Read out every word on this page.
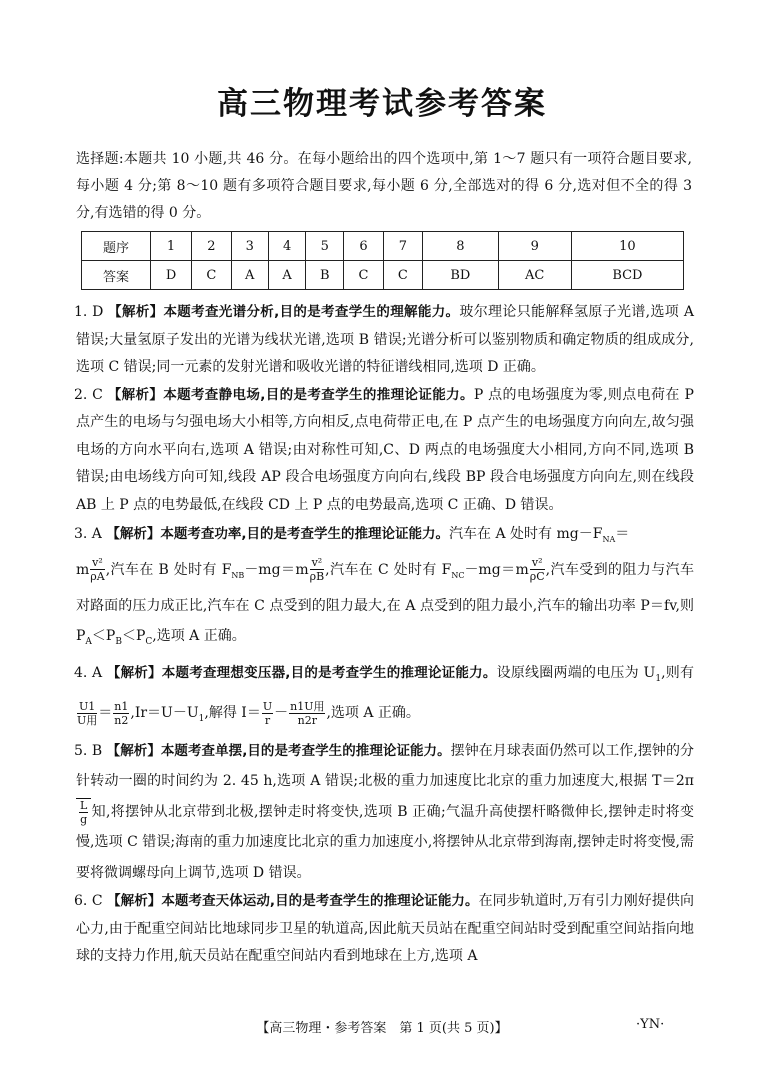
高三物理考试参考答案
选择题:本题共 10 小题,共 46 分。在每小题给出的四个选项中,第 1～7 题只有一项符合题目要求,每小题 4 分;第 8～10 题有多项符合题目要求,每小题 6 分,全部选对的得 6 分,选对但不全的得 3 分,有选错的得 0 分。
题序	1	2	3	4	5	6	7	8	9	10
答案	D	C	A	A	B	C	C	BD	AC	BCD

1. D 【解析】本题考查光谱分析,目的是考查学生的理解能力。玻尔理论只能解释氢原子光谱,选项 A 错误;大量氢原子发出的光谱为线状光谱,选项 B 错误;光谱分析可以鉴别物质和确定物质的组成成分,选项 C 错误;同一元素的发射光谱和吸收光谱的特征谱线相同,选项 D 正确。

2. C 【解析】本题考查静电场,目的是考查学生的推理论证能力。P 点的电场强度为零,则点电荷在 P 点产生的电场与匀强电场大小相等,方向相反,点电荷带正电,在 P 点产生的电场强度方向向左,故匀强电场的方向水平向右,选项 A 错误;由对称性可知,C、D 两点的电场强度大小相同,方向不同,选项 B 错误;由电场线方向可知,线段 AP 段合电场强度方向向右,线段 BP 段合电场强度方向向左,则在线段 AB 上 P 点的电势最低,在线段 CD 上 P 点的电势最高,选项 C 正确、D 错误。

3. A 【解析】本题考查功率,目的是考查学生的推理论证能力。汽车在 A 处时有 $mg-F_{NA}=$
m $\frac{\text{v²}}{\rho A}$ ,汽车在 B 处时有 $F_{NB}-mg=m \frac{\text{v²}}{\rho B}$ ,汽车在 C 处时有 $F_{NC}-mg=m \frac{\text{v²}}{\rho C}$ ,汽车受到的阻力与汽车对路面的压力成正比,汽车在 C 点受到的阻力最大,在 A 点受到的阻力最小,汽车的输出功率 P＝fv,则 $P_A<P_B<P_C$,选项 A 正确。

4. A 【解析】本题考查理想变压器,目的是考查学生的推理论证能力。设原线圈两端的电压为 $U_1$,则有
$\frac{U1}{\text{U用}} = \frac{n1}{n2} ,Ir=U-U_1$,解得 $I= \frac{U}{r} - \frac{\text{n1U用}}{n2r}$ ,选项 A 正确。

5. B 【解析】本题考查单摆,目的是考查学生的推理论证能力。摆钟在月球表面仍然可以工作,摆钟的分针转动一圈的时间约为 2. 45 h,选项 A 错误;北极的重力加速度比北京的重力加速度大,根据 T＝2π
$\frac{L}{g}$ 知,将摆钟从北京带到北极,摆钟走时将变快,选项 B 正确;气温升高使摆杆略微伸长,摆钟走时将变慢,选项 C 错误;海南的重力加速度比北京的重力加速度小,将摆钟从北京带到海南,摆钟走时将变慢,需要将微调螺母向上调节,选项 D 错误。

6. C 【解析】本题考查天体运动,目的是考查学生的推理论证能力。在同步轨道时,万有引力刚好提供向心力,由于配重空间站比地球同步卫星的轨道高,因此航天员站在配重空间站时受到配重空间站指向地球的支持力作用,航天员站在配重空间站内看到地球在上方,选项 A

【高三物理・参考答案　第 1 页(共 5 页)】	·YN·
